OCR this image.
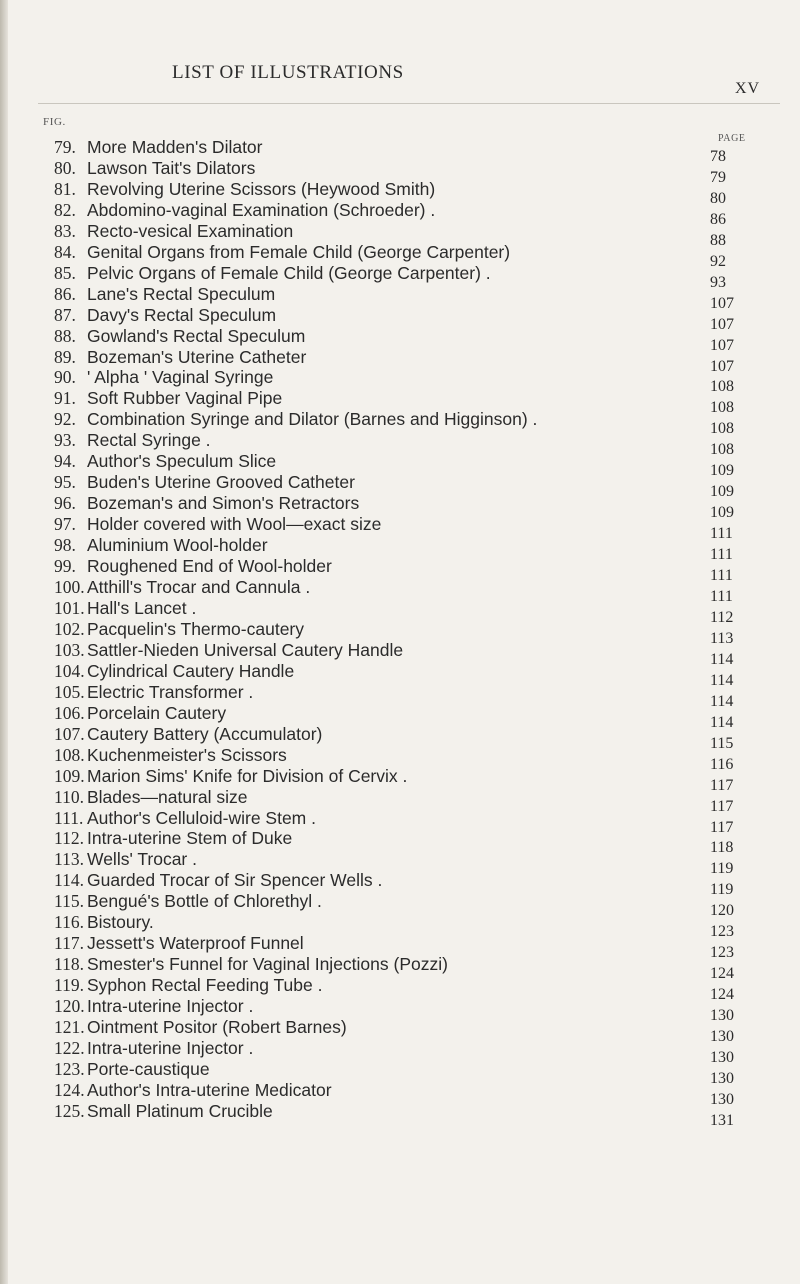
LIST OF ILLUSTRATIONS
XV
FIG.
PAGE
79. More Madden's Dilator	78
80. Lawson Tait's Dilators	79
81. Revolving Uterine Scissors (Heywood Smith)	80
82. Abdomino-vaginal Examination (Schroeder) .	86
83. Recto-vesical Examination	88
84. Genital Organs from Female Child (George Carpenter)	92
85. Pelvic Organs of Female Child (George Carpenter) .	93
86. Lane's Rectal Speculum	107
87. Davy's Rectal Speculum	107
88. Gowland's Rectal Speculum	107
89. Bozeman's Uterine Catheter	107
90. ' Alpha ' Vaginal Syringe	108
91. Soft Rubber Vaginal Pipe	108
92. Combination Syringe and Dilator (Barnes and Higginson) .	108
93. Rectal Syringe .	108
94. Author's Speculum Slice	109
95. Buden's Uterine Grooved Catheter	109
96. Bozeman's and Simon's Retractors	109
97. Holder covered with Wool—exact size	111
98. Aluminium Wool-holder	111
99. Roughened End of Wool-holder	111
100. Atthill's Trocar and Cannula .	111
101. Hall's Lancet .	112
102. Pacquelin's Thermo-cautery	113
103. Sattler-Nieden Universal Cautery Handle	114
104. Cylindrical Cautery Handle	114
105. Electric Transformer .	114
106. Porcelain Cautery	114
107. Cautery Battery (Accumulator)	115
108. Kuchenmeister's Scissors	116
109. Marion Sims' Knife for Division of Cervix .	117
110. Blades—natural size	117
111. Author's Celluloid-wire Stem .	117
112. Intra-uterine Stem of Duke	118
113. Wells' Trocar .	119
114. Guarded Trocar of Sir Spencer Wells .	119
115. Bengué's Bottle of Chlorethyl .	120
116. Bistoury.	123
117. Jessett's Waterproof Funnel	123
118. Smester's Funnel for Vaginal Injections (Pozzi)	124
119. Syphon Rectal Feeding Tube .	124
120. Intra-uterine Injector .	130
121. Ointment Positor (Robert Barnes)	130
122. Intra-uterine Injector .	130
123. Porte-caustique	130
124. Author's Intra-uterine Medicator	130
125. Small Platinum Crucible	131
